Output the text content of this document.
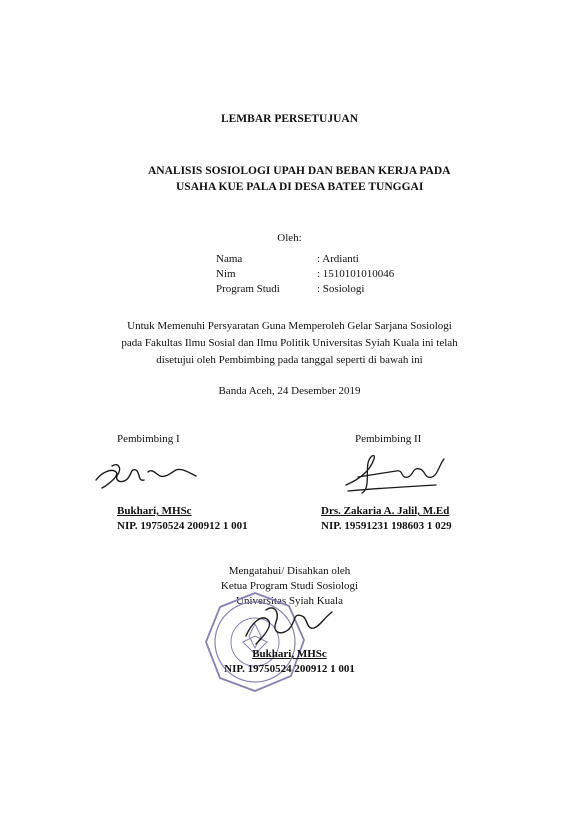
LEMBAR PERSETUJUAN
ANALISIS SOSIOLOGI UPAH DAN BEBAN KERJA PADA
USAHA KUE PALA DI DESA BATEE TUNGGAI
Oleh:
Nama	: Ardianti
Nim	: 1510101010046
Program Studi	: Sosiologi
Untuk Memenuhi Persyaratan Guna Memperoleh Gelar Sarjana Sosiologi
pada Fakultas Ilmu Sosial dan Ilmu Politik Universitas Syiah Kuala ini telah
disetujui oleh Pembimbing pada tanggal seperti di bawah ini
Banda Aceh, 24 Desember 2019
Pembimbing I	Pembimbing II
Bukhari, MHSc
NIP. 19750524 200912 1 001
Drs. Zakaria A. Jalil, M.Ed
NIP. 19591231 198603 1 029
Mengatahui/ Disahkan oleh
Ketua Program Studi Sosiologi
Universitas Syiah Kuala
Bukhari, MHSc
NIP. 19750524 200912 1 001
